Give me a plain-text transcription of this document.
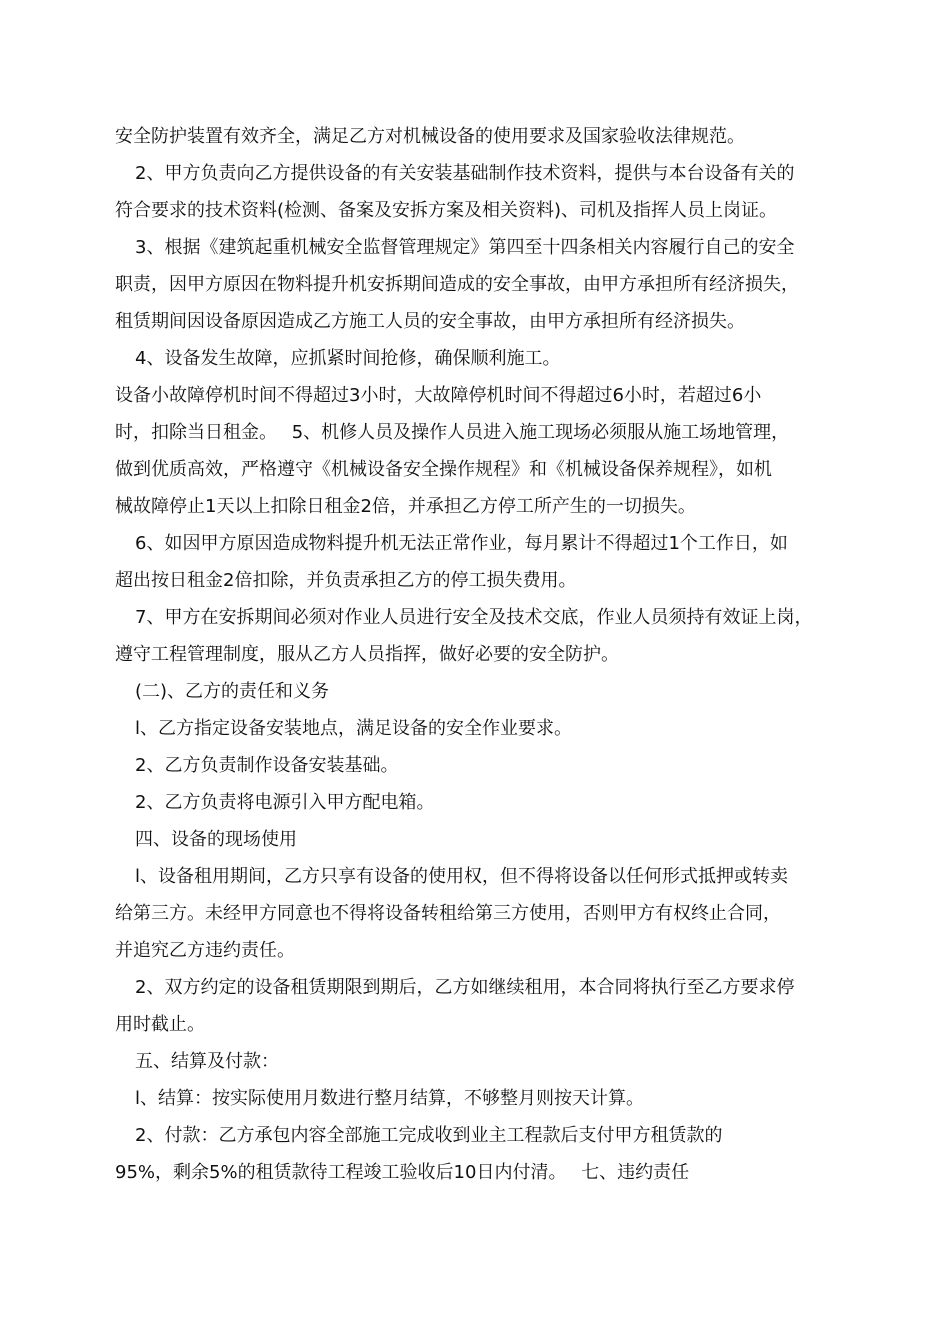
安全防护装置有效齐全，满足乙方对机械设备的使用要求及国家验收法律规范。
2、甲方负责向乙方提供设备的有关安装基础制作技术资料，提供与本台设备有关的
符合要求的技术资料(检测、备案及安拆方案及相关资料)、司机及指挥人员上岗证。
3、根据《建筑起重机械安全监督管理规定》第四至十四条相关内容履行自己的安全
职责，因甲方原因在物料提升机安拆期间造成的安全事故，由甲方承担所有经济损失，
租赁期间因设备原因造成乙方施工人员的安全事故，由甲方承担所有经济损失。
4、设备发生故障，应抓紧时间抢修，确保顺利施工。
设备小故障停机时间不得超过3小时，大故障停机时间不得超过6小时，若超过6小
时，扣除当日租金。　 5、机修人员及操作人员进入施工现场必须服从施工场地管理，
做到优质高效，严格遵守《机械设备安全操作规程》和《机械设备保养规程》，如机
械故障停止1天以上扣除日租金2倍，并承担乙方停工所产生的一切损失。
6、如因甲方原因造成物料提升机无法正常作业，每月累计不得超过1个工作日，如
超出按日租金2倍扣除，并负责承担乙方的停工损失费用。
7、甲方在安拆期间必须对作业人员进行安全及技术交底，作业人员须持有效证上岗，
遵守工程管理制度，服从乙方人员指挥，做好必要的安全防护。
(二)、乙方的责任和义务
l、乙方指定设备安装地点，满足设备的安全作业要求。
2、乙方负责制作设备安装基础。
2、乙方负责将电源引入甲方配电箱。
四、设备的现场使用
l、设备租用期间，乙方只享有设备的使用权，但不得将设备以任何形式抵押或转卖
给第三方。未经甲方同意也不得将设备转租给第三方使用，否则甲方有权终止合同，
并追究乙方违约责任。
2、双方约定的设备租赁期限到期后，乙方如继续租用，本合同将执行至乙方要求停
用时截止。
五、结算及付款：
l、结算：按实际使用月数进行整月结算，不够整月则按天计算。
2、付款：乙方承包内容全部施工完成收到业主工程款后支付甲方租赁款的
95%，剩余5%的租赁款待工程竣工验收后10日内付清。　 七、违约责任
